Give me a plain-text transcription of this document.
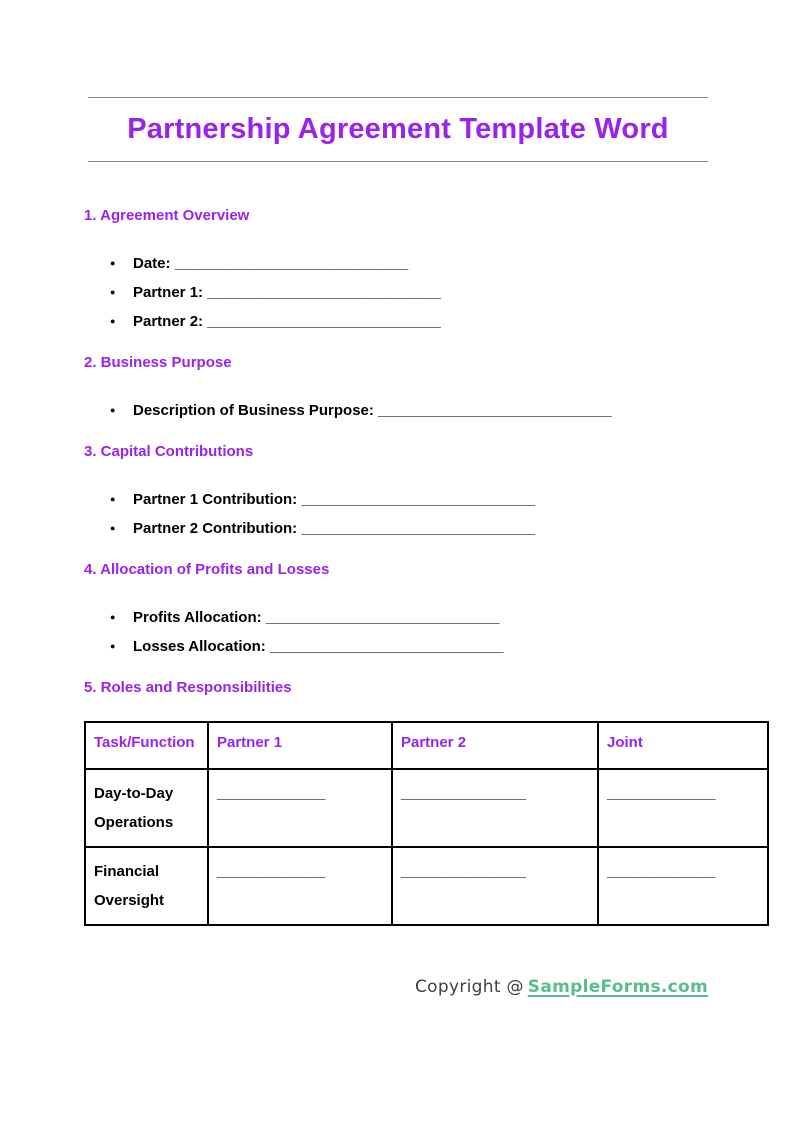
Partnership Agreement Template Word
1. Agreement Overview
● Date: ____________________________
● Partner 1: ____________________________
● Partner 2: ____________________________
2. Business Purpose
● Description of Business Purpose: ____________________________
3. Capital Contributions
● Partner 1 Contribution: ____________________________
● Partner 2 Contribution: ____________________________
4. Allocation of Profits and Losses
● Profits Allocation: ____________________________
● Losses Allocation: ____________________________
5. Roles and Responsibilities
Task/Function	Partner 1	Partner 2	Joint
Day-to-Day Operations	_____________	_______________	_____________
Financial Oversight	_____________	_______________	_____________
Copyright @ SampleForms.com
